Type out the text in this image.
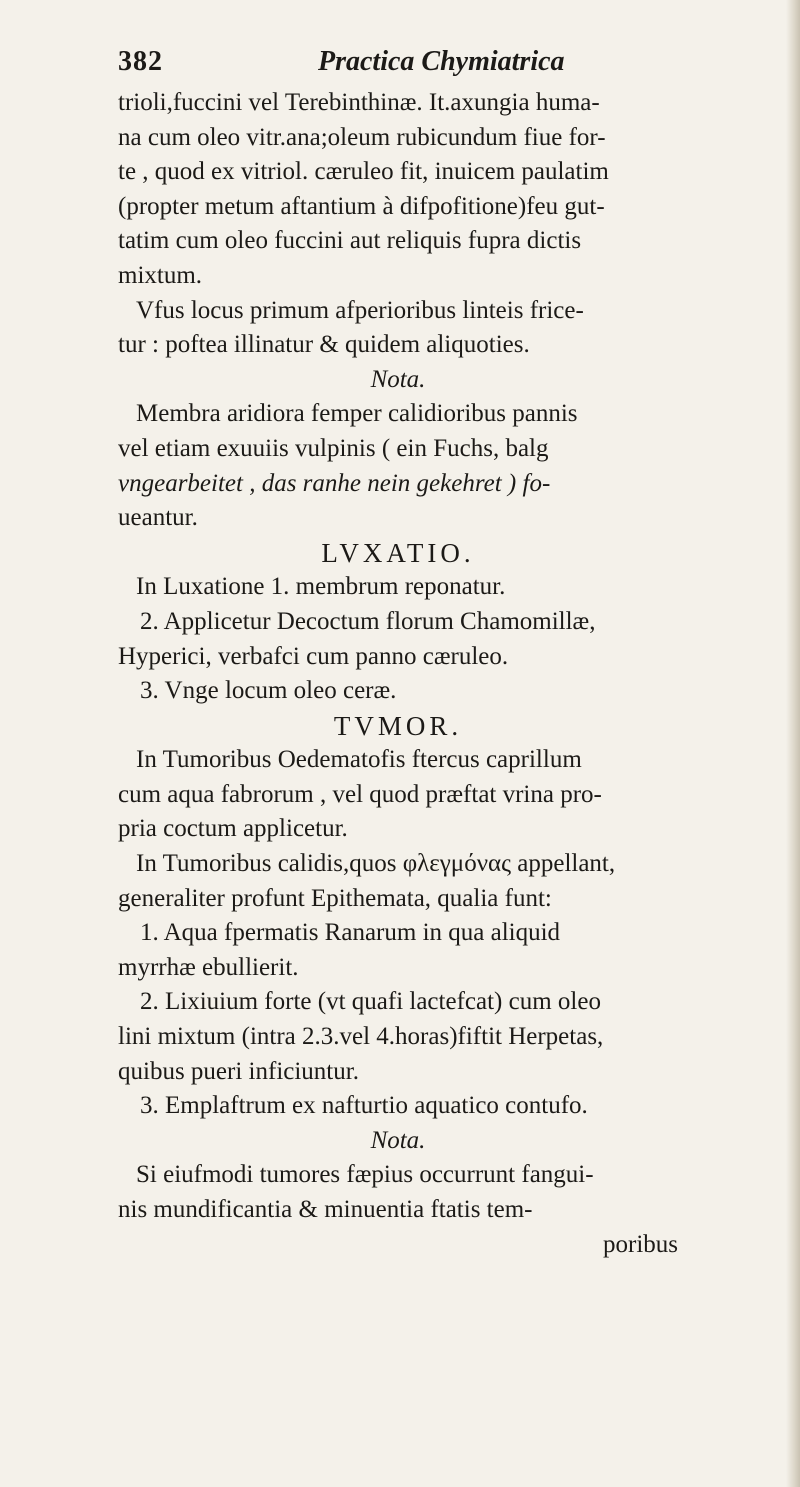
382	Practica Chymiatrica
trioli,fuccini vel Terebinthinæ. It.axungia huma-
na cum oleo vitr.ana;oleum rubicundum fiue for-
te , quod ex vitriol. cæruleo fit, inuicem paulatim
(propter metum aftantium à difpofitione)feu gut-
tatim cum oleo fuccini aut reliquis fupra dictis
mixtum.
Vfus locus primum afperioribus linteis frice-
tur : poftea illinatur & quidem aliquoties.
Nota.
Membra aridiora femper calidioribus pannis
vel etiam exuuiis vulpinis ( ein Fuchs, balg
vngearbeitet , das ranhe nein gekehret ) fo-
ueantur.
LVXATIO.
In Luxatione 1. membrum reponatur.
2. Applicetur Decoctum florum Chamomillæ,
Hyperici, verbafci cum panno cæruleo.
3. Vnge locum oleo ceræ.
TVMOR.
In Tumoribus Oedematofis ftercus caprillum
cum aqua fabrorum , vel quod præftat vrina pro-
pria coctum applicetur.
In Tumoribus calidis,quos φλεγμόνας appellant,
generaliter profunt Epithemata, qualia funt:
1. Aqua fpermatis Ranarum in qua aliquid
myrrhæ ebullierit.
2. Lixiuium forte (vt quafi lactefcat) cum oleo
lini mixtum (intra 2.3.vel 4.horas)fiftit Herpetas,
quibus pueri inficiuntur.
3. Emplaftrum ex nafturtio aquatico contufo.
Nota.
Si eiufmodi tumores fæpius occurrunt fangui-
nis mundificantia & minuentia ftatis tem-
poribus
